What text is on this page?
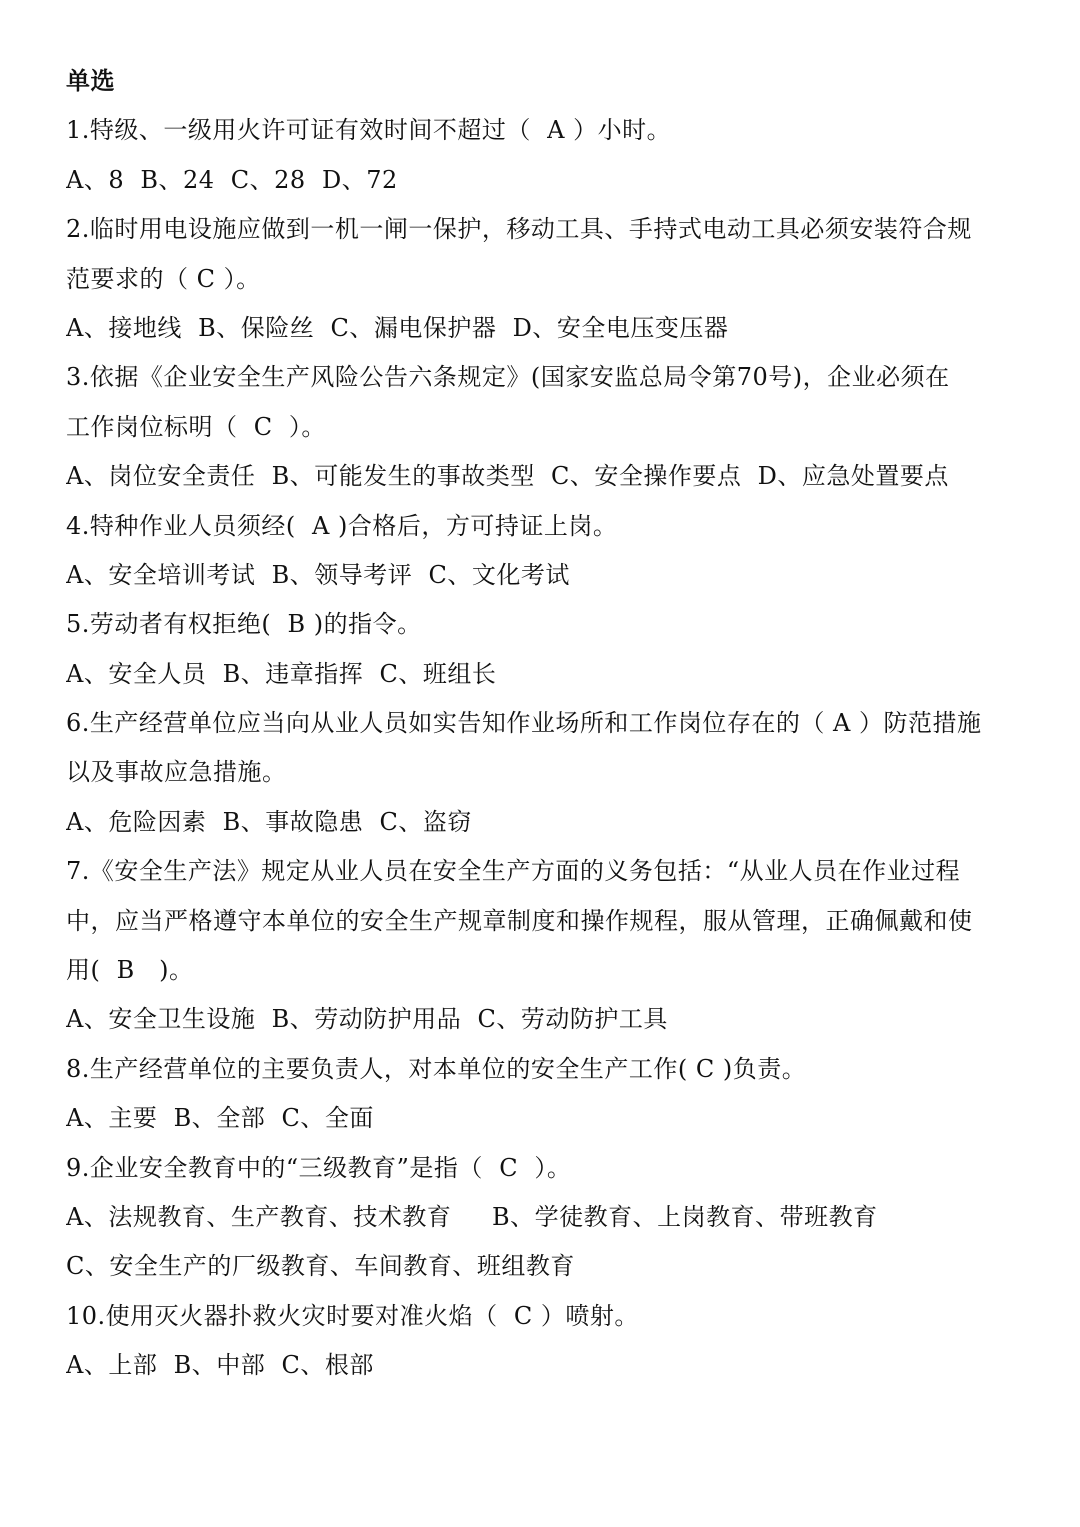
单选
1.特级、一级用火许可证有效时间不超过（  A ）小时。
A、8  B、24  C、28  D、72
2.临时用电设施应做到一机一闸一保护，移动工具、手持式电动工具必须安装符合规
范要求的（ C ）。
A、接地线  B、保险丝  C、漏电保护器  D、安全电压变压器
3.依据《企业安全生产风险公告六条规定》(国家安监总局令第70号)，企业必须在
工作岗位标明（  C  ）。
A、岗位安全责任  B、可能发生的事故类型  C、安全操作要点  D、应急处置要点
4.特种作业人员须经(  A )合格后，方可持证上岗。
A、安全培训考试  B、领导考评  C、文化考试
5.劳动者有权拒绝(  B )的指令。
A、安全人员  B、违章指挥  C、班组长
6.生产经营单位应当向从业人员如实告知作业场所和工作岗位存在的（ A ）防范措施
以及事故应急措施。
A、危险因素  B、事故隐患  C、盗窃
7.《安全生产法》规定从业人员在安全生产方面的义务包括：“从业人员在作业过程
中，应当严格遵守本单位的安全生产规章制度和操作规程，服从管理，正确佩戴和使
用(  B   )。
A、安全卫生设施  B、劳动防护用品  C、劳动防护工具
8.生产经营单位的主要负责人，对本单位的安全生产工作( C )负责。
A、主要  B、全部  C、全面
9.企业安全教育中的“三级教育”是指（  C  ）。
A、法规教育、生产教育、技术教育     B、学徒教育、上岗教育、带班教育
C、安全生产的厂级教育、车间教育、班组教育
10.使用灭火器扑救火灾时要对准火焰（  C ）喷射。
A、上部  B、中部  C、根部
